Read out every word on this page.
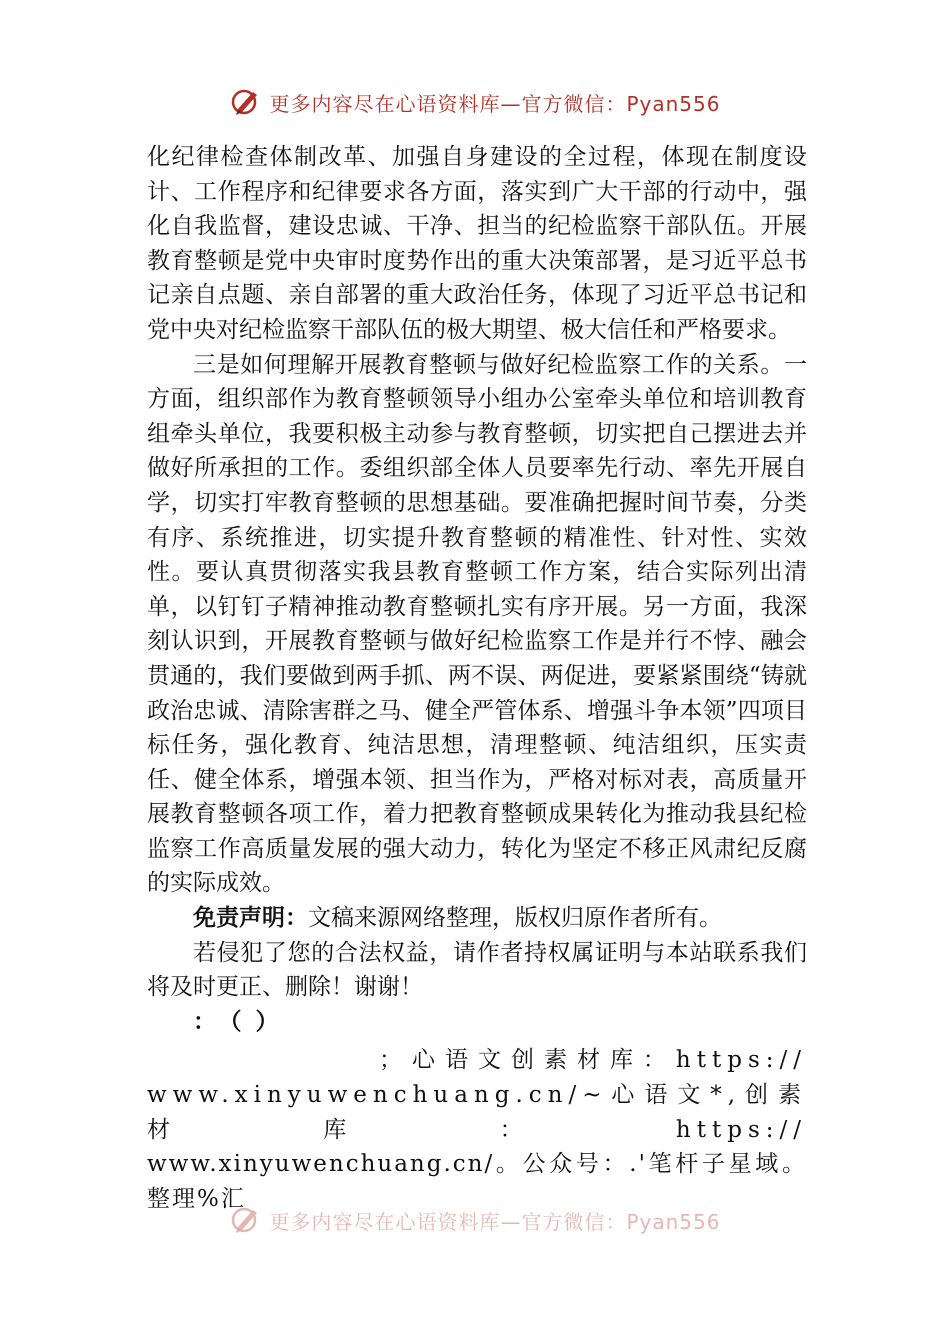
更多内容尽在心语资料库—官方微信：Pyan556

化纪律检查体制改革、加强自身建设的全过程，体现在制度设计、工作程序和纪律要求各方面，落实到广大干部的行动中，强化自我监督，建设忠诚、干净、担当的纪检监察干部队伍。开展教育整顿是党中央审时度势作出的重大决策部署，是习近平总书记亲自点题、亲自部署的重大政治任务，体现了习近平总书记和党中央对纪检监察干部队伍的极大期望、极大信任和严格要求。

三是如何理解开展教育整顿与做好纪检监察工作的关系。一方面，组织部作为教育整顿领导小组办公室牵头单位和培训教育组牵头单位，我要积极主动参与教育整顿，切实把自己摆进去并做好所承担的工作。委组织部全体人员要率先行动、率先开展自学，切实打牢教育整顿的思想基础。要准确把握时间节奏，分类有序、系统推进，切实提升教育整顿的精准性、针对性、实效性。要认真贯彻落实我县教育整顿工作方案，结合实际列出清单，以钉钉子精神推动教育整顿扎实有序开展。另一方面，我深刻认识到，开展教育整顿与做好纪检监察工作是并行不悖、融会贯通的，我们要做到两手抓、两不误、两促进，要紧紧围绕“铸就政治忠诚、清除害群之马、健全严管体系、增强斗争本领”四项目标任务，强化教育、纯洁思想，清理整顿、纯洁组织，压实责任、健全体系，增强本领、担当作为，严格对标对表，高质量开展教育整顿各项工作，着力把教育整顿成果转化为推动我县纪检监察工作高质量发展的强大动力，转化为坚定不移正风肃纪反腐的实际成效。

免责声明：文稿来源网络整理，版权归原作者所有。

若侵犯了您的合法权益，请作者持权属证明与本站联系我们将及时更正、删除！谢谢！

：（）

；心语文创素材库：https://
www.xinyuwenchuang.cn/~心语文*,创素材库：https://
www.xinyuwenchuang.cn/。公众号：.'笔杆子星域。整理%汇
更多内容尽在心语资料库—官方微信：Pyan556
